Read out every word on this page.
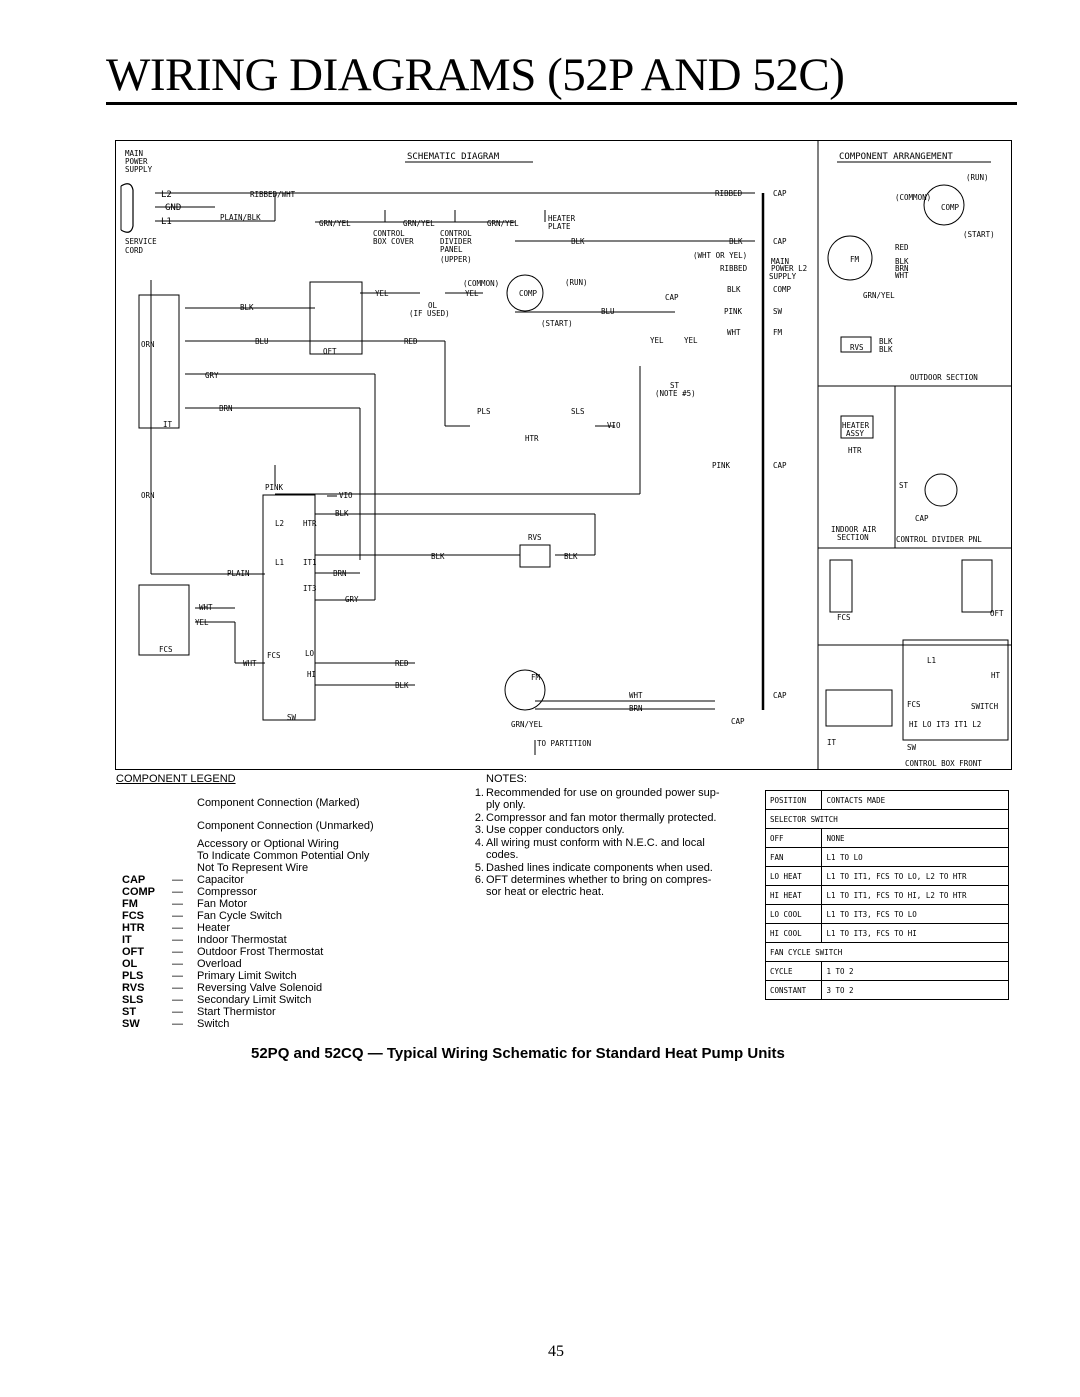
WIRING DIAGRAMS (52P AND 52C)
MAIN
POWER
SUPPLY
SCHEMATIC DIAGRAM	COMPONENT ARRANGEMENT
L2
GND
L1
RIBBED/WHT
PLAIN/BLK
SERVICE
CORD
GRN/YEL	GRN/YEL	GRN/YEL
CONTROL
BOX COVER
CONTROL
DIVIDER
PANEL
(UPPER)
HEATER
PLATE
RIBBED	CAP
BLK	BLK	CAP
(WHT OR YEL)
RIBBED
MAIN
POWER L2
SUPPLY
(COMMON)	(RUN)
COMP	BLK	COMP
CAP
YEL	YEL
OL
(IF USED)	BLU	PINK	SW
(START)
WHT	FM
YEL	YEL
ST
(NOTE #5)
BLK
BLU	RED
ORN
OFT
GRY
BRN
IT
PLS	SLS
HTR
VIO
PINK	CAP
PINK
VIO
ORN
BLK
L2	HTR
RVS
BLK	BLK
L1	IT1
PLAIN	BRN
IT3
GRY
WHT
YEL
FCS
FCS	LO
HI
WHT	RED
BLK
FM
WHT	CAP
BRN
CAP
SW
GRN/YEL
TO PARTITION
OUTDOOR SECTION
(RUN)
(COMMON)
COMP
(START)
FM
RED
BLK
BRN
WHT
GRN/YEL
RVS
BLK
BLK
HEATER
ASSY
HTR
ST
CAP
INDOOR AIR
SECTION	CONTROL DIVIDER PNL
FCS	OFT
L1
HT
FCS	SWITCH
HI LO IT3 IT1 L2
IT
SW
CONTROL BOX FRONT
COMPONENT LEGEND
Component Connection (Marked)
Component Connection (Unmarked)
Accessory or Optional Wiring
To Indicate Common Potential Only
Not To Represent Wire
CAP	— Capacitor
COMP	— Compressor
FM	— Fan Motor
FCS	— Fan Cycle Switch
HTR	— Heater
IT	— Indoor Thermostat
OFT	— Outdoor Frost Thermostat
OL	— Overload
PLS	— Primary Limit Switch
RVS	— Reversing Valve Solenoid
SLS	— Secondary Limit Switch
ST	— Start Thermistor
SW	— Switch
NOTES:
1. Recommended for use on grounded power sup-
ply only.
2. Compressor and fan motor thermally protected.
3. Use copper conductors only.
4. All wiring must conform with N.E.C. and local
codes.
5. Dashed lines indicate components when used.
6. OFT determines whether to bring on compres-
sor heat or electric heat.
POSITION	CONTACTS MADE
SELECTOR SWITCH	
OFF	NONE
FAN	L1 TO LO
LO HEAT	L1 TO IT1, FCS TO LO, L2 TO HTR
HI HEAT	L1 TO IT1, FCS TO HI, L2 TO HTR
LO COOL	L1 TO IT3, FCS TO LO
HI COOL	L1 TO IT3, FCS TO HI
FAN CYCLE SWITCH	
CYCLE	1 TO 2
CONSTANT	3 TO 2
52PQ and 52CQ — Typical Wiring Schematic for Standard Heat Pump Units
45
